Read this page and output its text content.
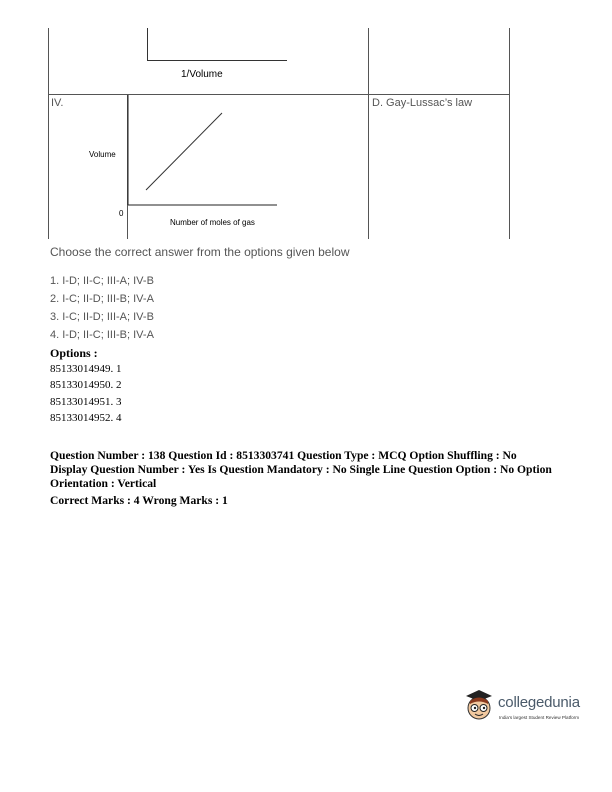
1/Volume
IV.	D. Gay-Lussac’s law
Volume
0
Number of moles of gas
Choose the correct answer from the options given below
1. I-D; II-C; III-A; IV-B
2. I-C; II-D; III-B; IV-A
3. I-C; II-D; III-A; IV-B
4. I-D; II-C; III-B; IV-A
Options :
85133014949. 1
85133014950. 2
85133014951. 3
85133014952. 4
Question Number : 138 Question Id : 8513303741 Question Type : MCQ Option Shuffling : No
Display Question Number : Yes Is Question Mandatory : No Single Line Question Option : No Option
Orientation : Vertical
Correct Marks : 4 Wrong Marks : 1
collegedunia
India's largest Student Review Platform
